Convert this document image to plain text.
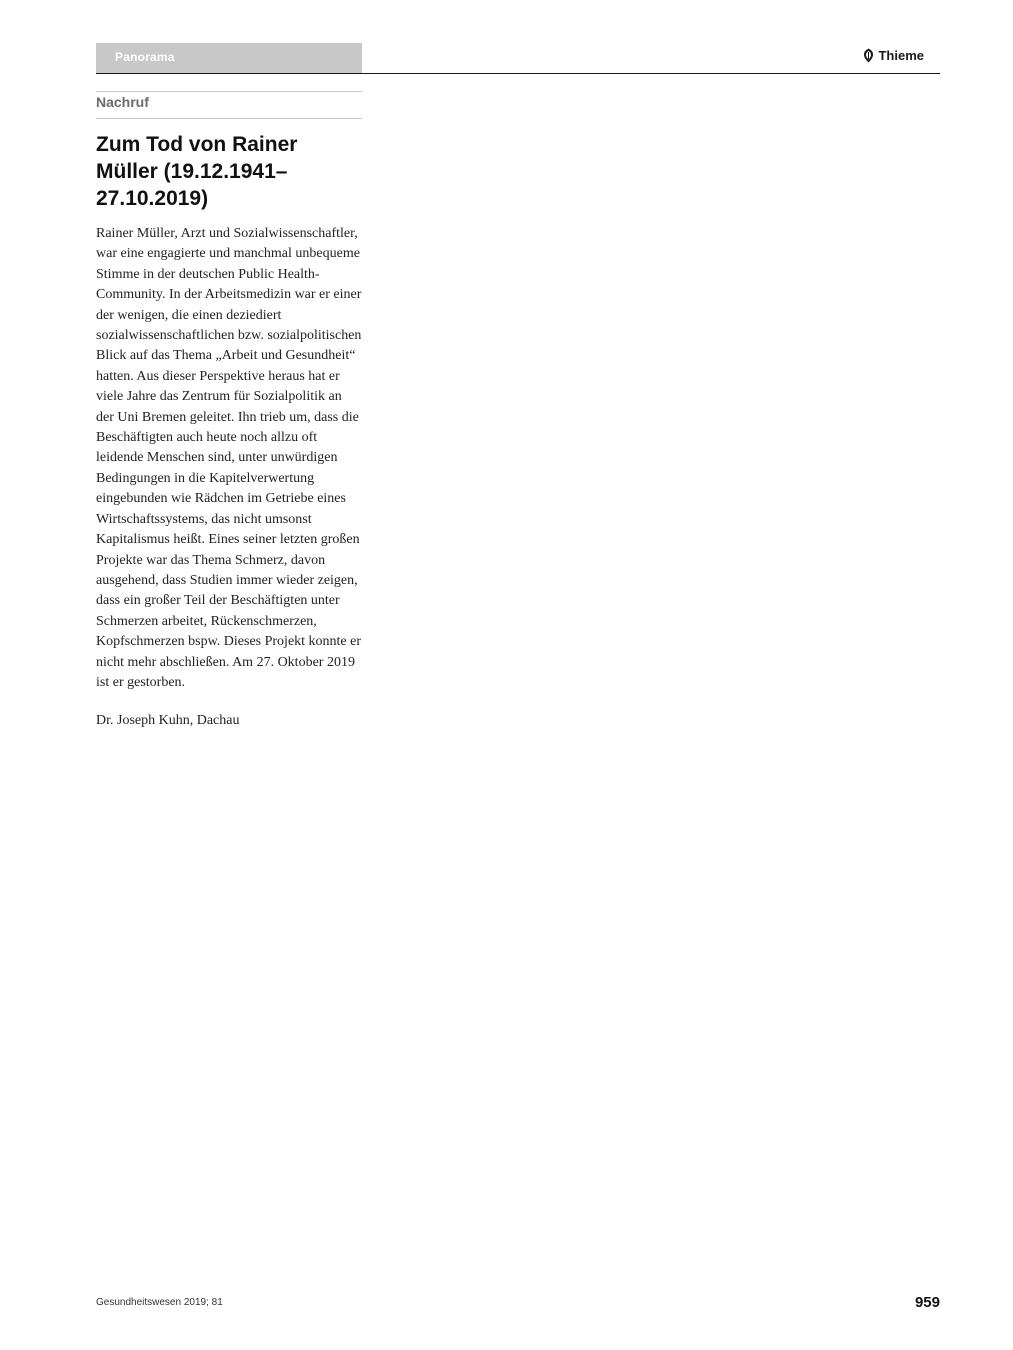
Panorama	Thieme
Nachruf
Zum Tod von Rainer Müller (19.12.1941–27.10.2019)

Rainer Müller, Arzt und Sozialwissenschaftler, war eine engagierte und manchmal unbequeme Stimme in der deutschen Public Health-Community. In der Arbeitsmedizin war er einer der wenigen, die einen deziediert sozialwissenschaftlichen bzw. sozialpolitischen Blick auf das Thema „Arbeit und Gesundheit“ hatten. Aus dieser Perspektive heraus hat er viele Jahre das Zentrum für Sozialpolitik an der Uni Bremen geleitet. Ihn trieb um, dass die Beschäftigten auch heute noch allzu oft leidende Menschen sind, unter unwürdigen Bedingungen in die Kapitelverwertung eingebunden wie Rädchen im Getriebe eines Wirtschaftssystems, das nicht umsonst Kapitalismus heißt. Eines seiner letzten großen Projekte war das Thema Schmerz, davon ausgehend, dass Studien immer wieder zeigen, dass ein großer Teil der Beschäftigten unter Schmerzen arbeitet, Rückenschmerzen, Kopfschmerzen bspw. Dieses Projekt konnte er nicht mehr abschließen. Am 27. Oktober 2019 ist er gestorben.

Dr. Joseph Kuhn, Dachau

Gesundheitswesen 2019; 81	959
